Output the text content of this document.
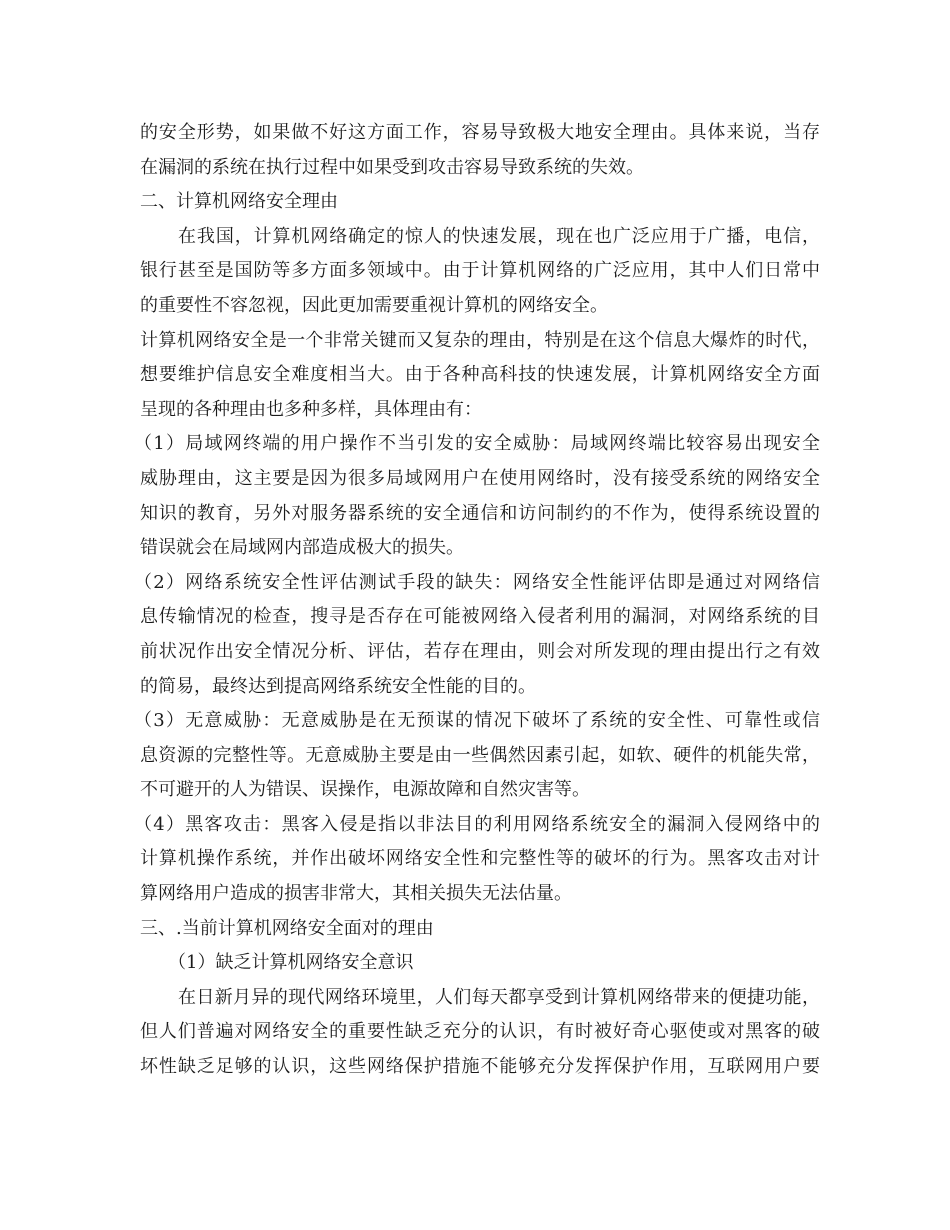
的安全形势，如果做不好这方面工作，容易导致极大地安全理由。具体来说，当存
在漏洞的系统在执行过程中如果受到攻击容易导致系统的失效。
二、计算机网络安全理由
在我国，计算机网络确定的惊人的快速发展，现在也广泛应用于广播，电信，
银行甚至是国防等多方面多领域中。由于计算机网络的广泛应用，其中人们日常中
的重要性不容忽视，因此更加需要重视计算机的网络安全。
计算机网络安全是一个非常关键而又复杂的理由，特别是在这个信息大爆炸的时代，
想要维护信息安全难度相当大。由于各种高科技的快速发展，计算机网络安全方面
呈现的各种理由也多种多样，具体理由有：
（1）局域网终端的用户操作不当引发的安全威胁：局域网终端比较容易出现安全
威胁理由，这主要是因为很多局域网用户在使用网络时，没有接受系统的网络安全
知识的教育，另外对服务器系统的安全通信和访问制约的不作为，使得系统设置的
错误就会在局域网内部造成极大的损失。
（2）网络系统安全性评估测试手段的缺失：网络安全性能评估即是通过对网络信
息传输情况的检查，搜寻是否存在可能被网络入侵者利用的漏洞，对网络系统的目
前状况作出安全情况分析、评估，若存在理由，则会对所发现的理由提出行之有效
的简易，最终达到提高网络系统安全性能的目的。
（3）无意威胁：无意威胁是在无预谋的情况下破坏了系统的安全性、可靠性或信
息资源的完整性等。无意威胁主要是由一些偶然因素引起，如软、硬件的机能失常，
不可避开的人为错误、误操作，电源故障和自然灾害等。
（4）黑客攻击：黑客入侵是指以非法目的利用网络系统安全的漏洞入侵网络中的
计算机操作系统，并作出破坏网络安全性和完整性等的破坏的行为。黑客攻击对计
算网络用户造成的损害非常大，其相关损失无法估量。
三、.当前计算机网络安全面对的理由
（1）缺乏计算机网络安全意识
在日新月异的现代网络环境里，人们每天都享受到计算机网络带来的便捷功能，
但人们普遍对网络安全的重要性缺乏充分的认识，有时被好奇心驱使或对黑客的破
坏性缺乏足够的认识，这些网络保护措施不能够充分发挥保护作用，互联网用户要
